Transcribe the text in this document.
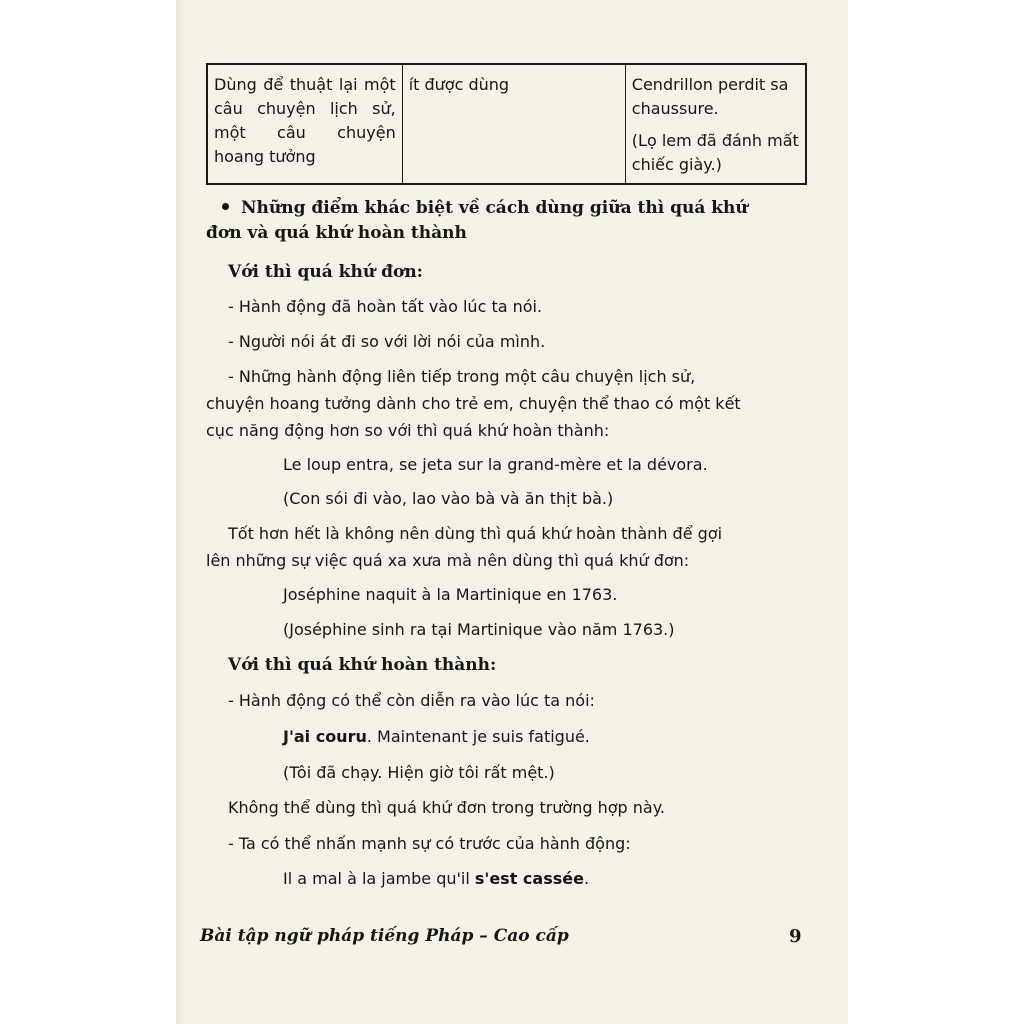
Dùng để thuật lại một câu chuyện lịch sử, một câu chuyện hoang tưởng	ít được dùng	Cendrillon perdit sa chaussure.
(Lọ lem đã đánh mất chiếc giày.)
Những điểm khác biệt về cách dùng giữa thì quá khứ
đơn và quá khứ hoàn thành
Với thì quá khứ đơn:
- Hành động đã hoàn tất vào lúc ta nói.
- Người nói át đi so với lời nói của mình.
- Những hành động liên tiếp trong một câu chuyện lịch sử,
chuyện hoang tưởng dành cho trẻ em, chuyện thể thao có một kết
cục năng động hơn so với thì quá khứ hoàn thành:
Le loup entra, se jeta sur la grand-mère et la dévora.
(Con sói đi vào, lao vào bà và ăn thịt bà.)
Tốt hơn hết là không nên dùng thì quá khứ hoàn thành để gợi
lên những sự việc quá xa xưa mà nên dùng thì quá khứ đơn:
Joséphine naquit à la Martinique en 1763.
(Joséphine sinh ra tại Martinique vào năm 1763.)
Với thì quá khứ hoàn thành:
- Hành động có thể còn diễn ra vào lúc ta nói:
J'ai couru. Maintenant je suis fatigué.
(Tôi đã chạy. Hiện giờ tôi rất mệt.)
Không thể dùng thì quá khứ đơn trong trường hợp này.
- Ta có thể nhấn mạnh sự có trước của hành động:
Il a mal à la jambe qu'il s'est cassée.
Bài tập ngữ pháp tiếng Pháp – Cao cấp	9
